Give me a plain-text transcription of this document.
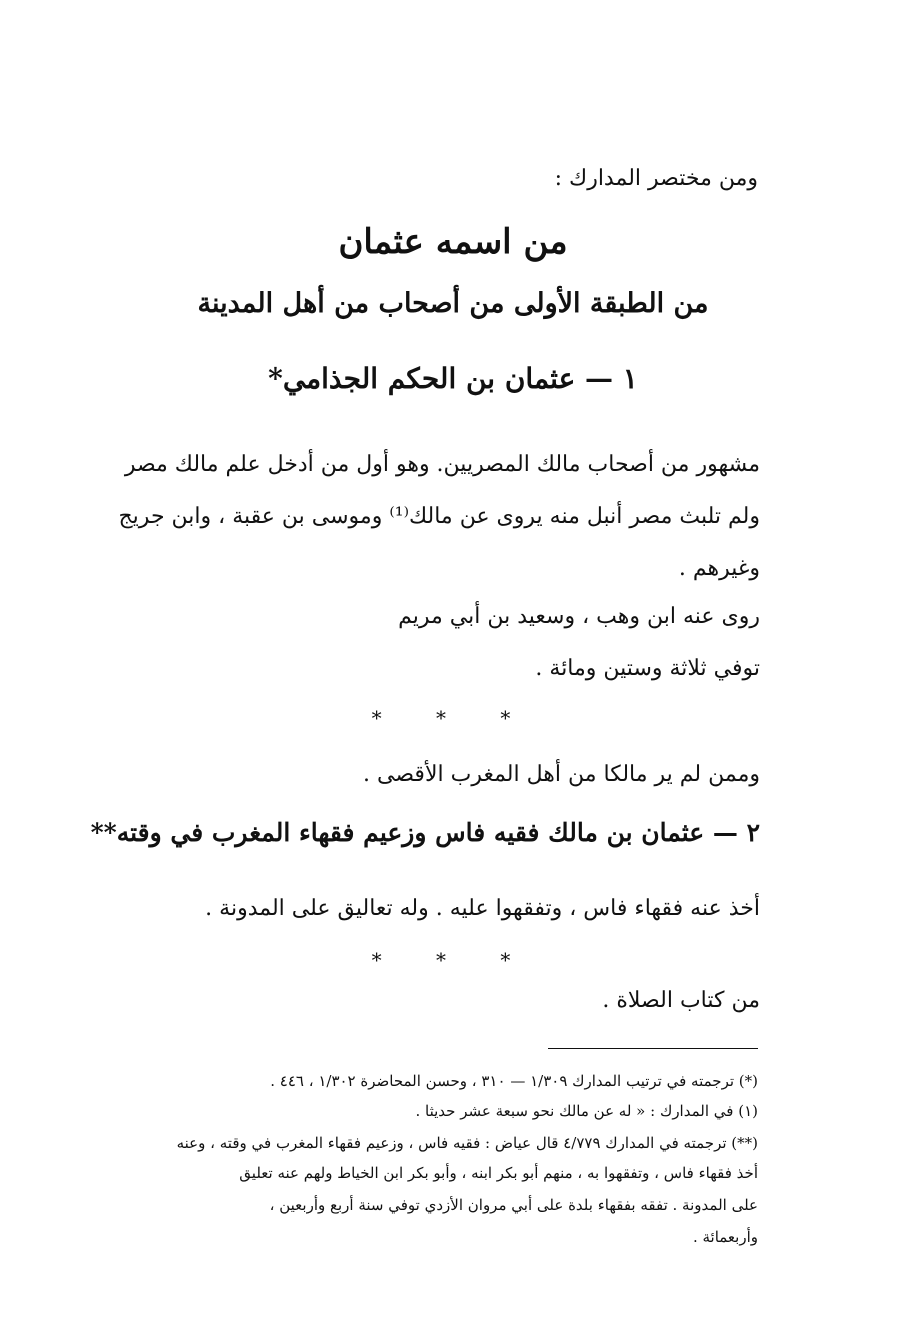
ومن مختصر المدارك :
من اسمه عثمان
من الطبقة الأولى من أصحاب من أهل المدينة
١ — عثمان بن الحكم الجذامي*
مشهور من أصحاب مالك المصريين. وهو أول من أدخل علم مالك مصر
ولم تلبث مصر أنبل منه يروى عن مالك⁽¹⁾ وموسى بن عقبة ، وابن جريج
وغيرهم .
روى عنه ابن وهب ، وسعيد بن أبي مريم
توفي ثلاثة وستين ومائة .
* * *
وممن لم ير مالكا من أهل المغرب الأقصى .
٢ — عثمان بن مالك فقيه فاس وزعيم فقهاء المغرب في وقته**
أخذ عنه فقهاء فاس ، وتفقهوا عليه . وله تعاليق على المدونة .
* * *
من كتاب الصلاة .
(*) ترجمته في ترتيب المدارك ١/٣٠٩ — ٣١٠ ، وحسن المحاضرة ١/٣٠٢ ، ٤٤٦ .
(١) في المدارك : « له عن مالك نحو سبعة عشر حديثا .
(**) ترجمته في المدارك ٤/٧٧٩ قال عياض : فقيه فاس ، وزعيم فقهاء المغرب في وقته ، وعنه
أخذ فقهاء فاس ، وتفقهوا به ، منهم أبو بكر ابنه ، وأبو بكر ابن الخياط ولهم عنه تعليق
على المدونة . تفقه بفقهاء بلدة على أبي مروان الأزدي توفي سنة أربع وأربعين ،
وأربعمائة .
